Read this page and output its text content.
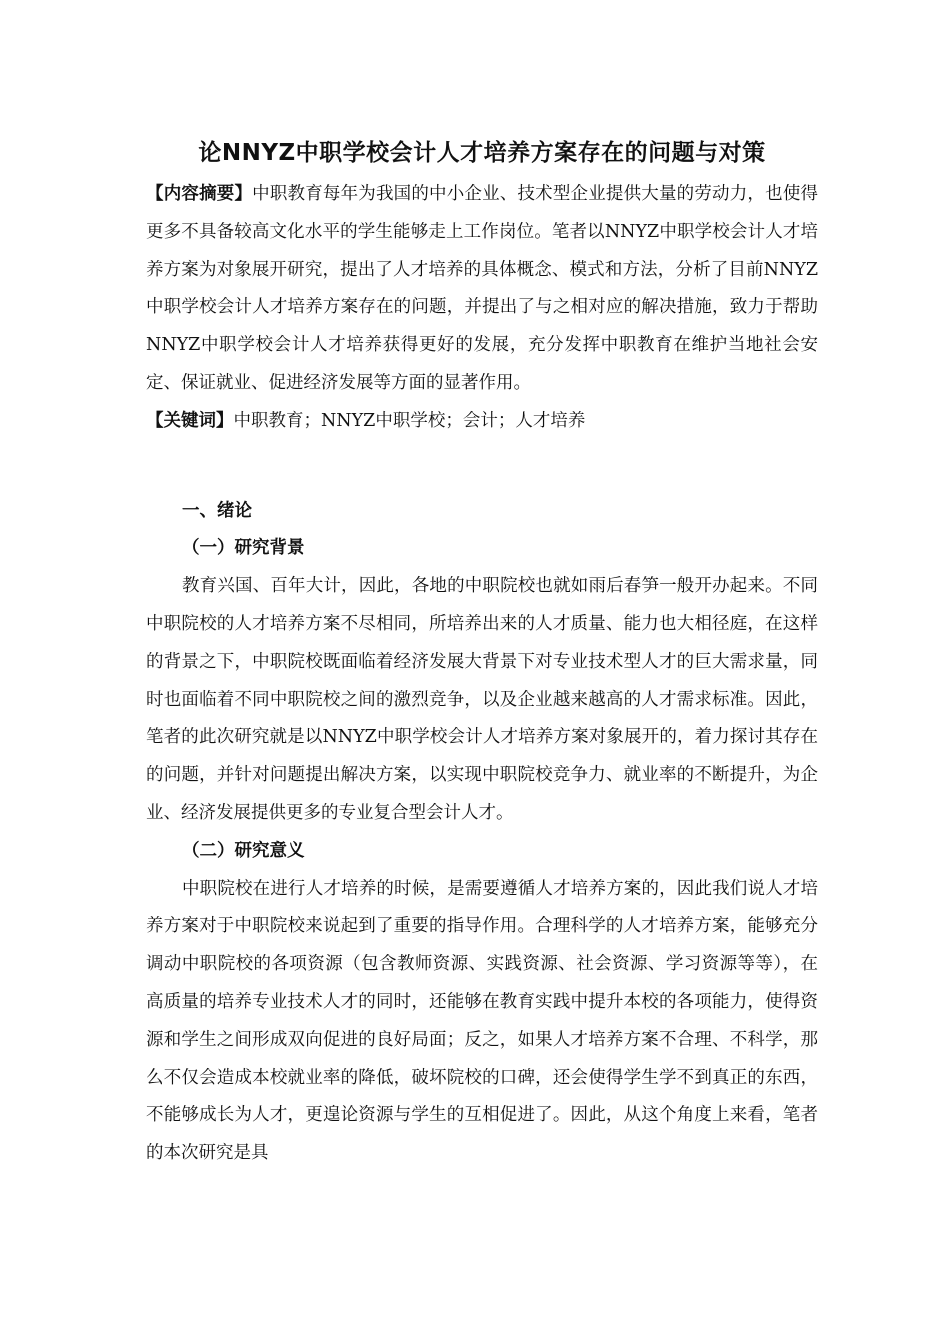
论NNYZ中职学校会计人才培养方案存在的问题与对策

【内容摘要】中职教育每年为我国的中小企业、技术型企业提供大量的劳动力，也使得更多不具备较高文化水平的学生能够走上工作岗位。笔者以NNYZ中职学校会计人才培养方案为对象展开研究，提出了人才培养的具体概念、模式和方法，分析了目前NNYZ中职学校会计人才培养方案存在的问题，并提出了与之相对应的解决措施，致力于帮助NNYZ中职学校会计人才培养获得更好的发展，充分发挥中职教育在维护当地社会安定、保证就业、促进经济发展等方面的显著作用。

【关键词】中职教育；NNYZ中职学校；会计；人才培养

一、绪论
（一）研究背景

教育兴国、百年大计，因此，各地的中职院校也就如雨后春笋一般开办起来。不同中职院校的人才培养方案不尽相同，所培养出来的人才质量、能力也大相径庭，在这样的背景之下，中职院校既面临着经济发展大背景下对专业技术型人才的巨大需求量，同时也面临着不同中职院校之间的激烈竞争，以及企业越来越高的人才需求标准。因此，笔者的此次研究就是以NNYZ中职学校会计人才培养方案对象展开的，着力探讨其存在的问题，并针对问题提出解决方案，以实现中职院校竞争力、就业率的不断提升，为企业、经济发展提供更多的专业复合型会计人才。

（二）研究意义

中职院校在进行人才培养的时候，是需要遵循人才培养方案的，因此我们说人才培养方案对于中职院校来说起到了重要的指导作用。合理科学的人才培养方案，能够充分调动中职院校的各项资源（包含教师资源、实践资源、社会资源、学习资源等等），在高质量的培养专业技术人才的同时，还能够在教育实践中提升本校的各项能力，使得资源和学生之间形成双向促进的良好局面；反之，如果人才培养方案不合理、不科学，那么不仅会造成本校就业率的降低，破坏院校的口碑，还会使得学生学不到真正的东西，不能够成长为人才，更遑论资源与学生的互相促进了。因此，从这个角度上来看，笔者的本次研究是具
